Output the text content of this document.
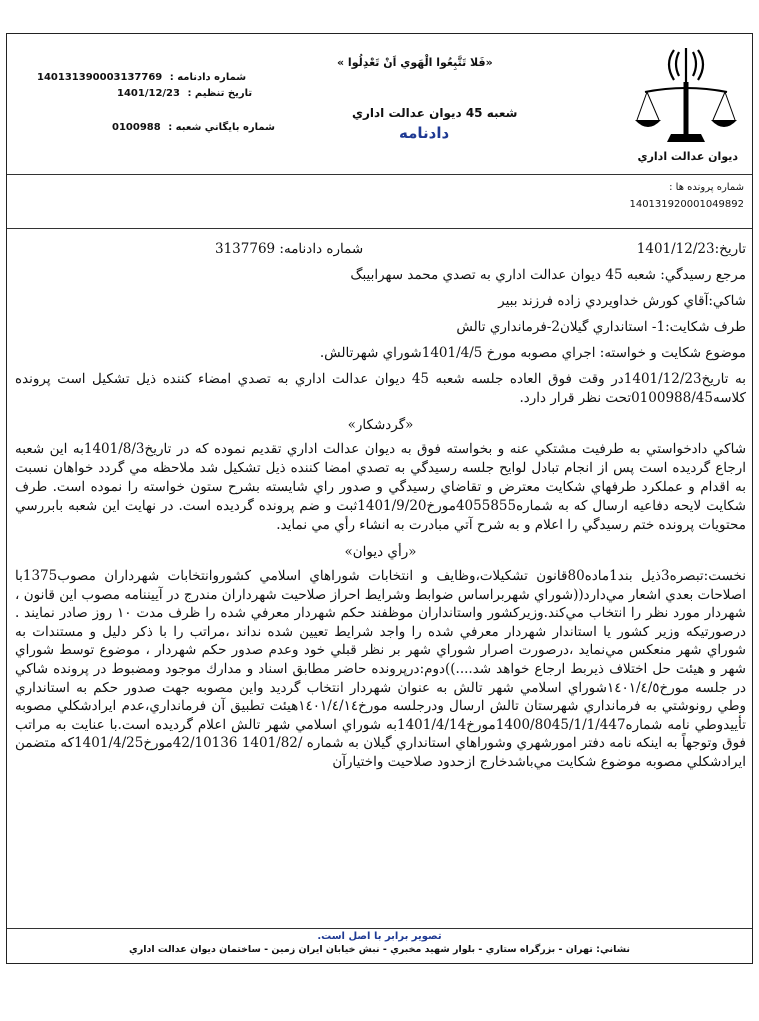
ديوان عدالت اداري
«فَلا تَتَّبِعُوا الْهَوي اَنْ تَعْدِلُوا »
شعبه 45 ديوان عدالت اداري
دادنامه
شماره دادنامه : 140131390003137769
تاريخ تنظيم : 1401/12/23
شماره بايگاني شعبه : 0100988
شماره پرونده ها :
140131920001049892
تاريخ:1401/12/23
شماره دادنامه: 3137769
مرجع رسيدگي: شعبه 45 ديوان عدالت اداري به تصدي محمد سهرابيبگ
شاكي:آقاي كورش خداويردي زاده فرزند ببير
طرف شكايت:1- استانداري گيلان2-فرمانداري تالش
موضوع شكايت و خواسته: اجراي مصوبه مورخ 1401/4/5شوراي شهرتالش.
به تاريخ1401/12/23در وقت فوق العاده جلسه شعبه 45 ديوان عدالت اداري به تصدي امضاء كننده ذيل تشكيل است پرونده كلاسه0100988/45تحت نظر قرار دارد.
«گردشكار»
شاكي دادخواستي به طرفيت مشتكي عنه و بخواسته فوق به ديوان عدالت اداري تقديم نموده كه در تاريخ1401/8/3به اين شعبه ارجاع گرديده است پس از انجام تبادل لوايح جلسه رسيدگي به تصدي امضا كننده ذيل تشكيل شد ملاحظه مي گردد خواهان نسبت به اقدام و عملكرد طرفهاي شكايت معترض و تقاضاي رسيدگي و صدور راي شايسته بشرح ستون خواسته را نموده است. طرف شكايت لايحه دفاعيه ارسال كه به شماره4055855مورخ1401/9/20ثبت و ضم پرونده گرديده است. در نهايت اين شعبه بابررسي محتويات پرونده ختم رسيدگي را اعلام و به شرح آتي مبادرت به انشاء رأي مي نمايد.
«رأي ديوان»
نخست:تبصره3ذيل بند1ماده80قانون تشكيلات،وظايف و انتخابات شوراهاي اسلامي كشوروانتخابات شهرداران مصوب1375با اصلاحات بعدي اشعار مي‌دارد((شوراي شهربراساس ضوابط وشرايط احراز صلاحيت شهرداران مندرج در آييننامه مصوب اين قانون ، شهردار مورد نظر را انتخاب مي‌كند.وزيركشور واستانداران موظفند حكم شهردار معرفي شده را ظرف مدت ١٠ روز صادر نمايند . درصورتيكه وزير كشور يا استاندار شهردار معرفي شده را واجد شرايط تعيين شده نداند ،مراتب را با ذكر دليل و مستندات به شوراي شهر منعكس مي‌نمايد ،درصورت اصرار شوراي شهر بر نظر قبلي خود وعدم صدور حكم شهردار ، موضوع توسط شوراي شهر و هيئت حل اختلاف ذيربط ارجاع خواهد شد....))دوم:درپرونده حاضر مطابق اسناد و مدارك موجود ومضبوط در پرونده شاكي در جلسه مورخ١٤٠١/٤/٥شوراي اسلامي شهر تالش به عنوان شهردار انتخاب گرديد واين مصوبه جهت صدور حكم به استانداري وطي رونوشتي به فرمانداري شهرستان تالش ارسال ودرجلسه مورخ١٤٠١/٤/١٤هيئت تطبيق آن فرمانداري،عدم ايرادشكلي مصوبه تأييدوطي نامه شماره1400/8045/1/1/447مورخ1401/4/14به شوراي اسلامي شهر تالش اعلام گرديده است.با عنايت به مراتب فوق وتوجهاً به اينكه نامه دفتر امورشهري وشوراهاي استانداري گيلان به شماره /1401/82 42/10136مورخ1401/4/25كه متضمن ايرادشكلي مصوبه موضوع شكايت مي‌باشدخارج ازحدود صلاحيت واختيارآن
تصوير برابر با اصل است.
نشاني: تهران - بزرگراه ستاري - بلوار شهيد مخبري - نبش خيابان ايران زمين - ساختمان ديوان عدالت اداري
